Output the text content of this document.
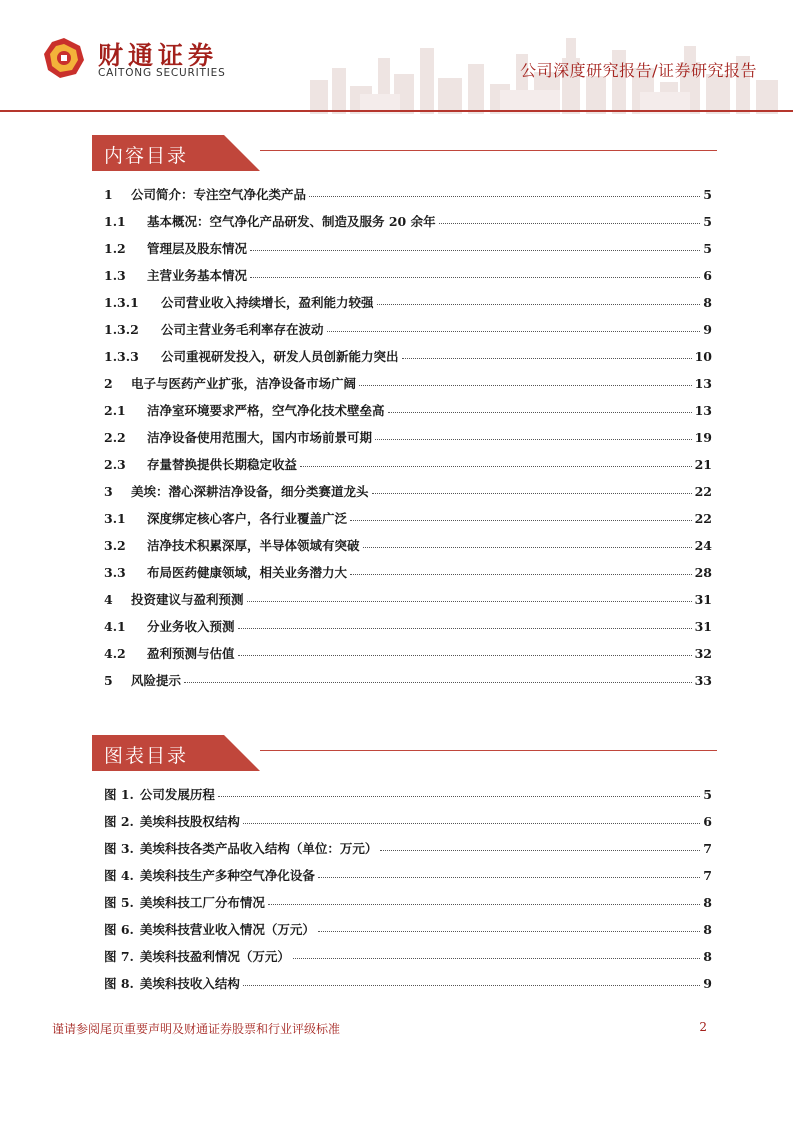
财通证券
CAITONG SECURITIES	公司深度研究报告/证券研究报告
内容目录
1	公司简介：专注空气净化类产品	5
1.1	基本概况：空气净化产品研发、制造及服务 20 余年	5
1.2	管理层及股东情况	5
1.3	主营业务基本情况	6
1.3.1	公司营业收入持续增长，盈利能力较强	8
1.3.2	公司主营业务毛利率存在波动	9
1.3.3	公司重视研发投入，研发人员创新能力突出	10
2	电子与医药产业扩张，洁净设备市场广阔	13
2.1	洁净室环境要求严格，空气净化技术壁垒高	13
2.2	洁净设备使用范围大，国内市场前景可期	19
2.3	存量替换提供长期稳定收益	21
3	美埃：潜心深耕洁净设备，细分类赛道龙头	22
3.1	深度绑定核心客户，各行业覆盖广泛	22
3.2	洁净技术积累深厚，半导体领域有突破	24
3.3	布局医药健康领域，相关业务潜力大	28
4	投资建议与盈利预测	31
4.1	分业务收入预测	31
4.2	盈利预测与估值	32
5	风险提示	33
图表目录
图 1. 公司发展历程	5
图 2. 美埃科技股权结构	6
图 3. 美埃科技各类产品收入结构（单位：万元）	7
图 4. 美埃科技生产多种空气净化设备	7
图 5. 美埃科技工厂分布情况	8
图 6. 美埃科技营业收入情况（万元）	8
图 7. 美埃科技盈利情况（万元）	8
图 8. 美埃科技收入结构	9
谨请参阅尾页重要声明及财通证券股票和行业评级标准	2
